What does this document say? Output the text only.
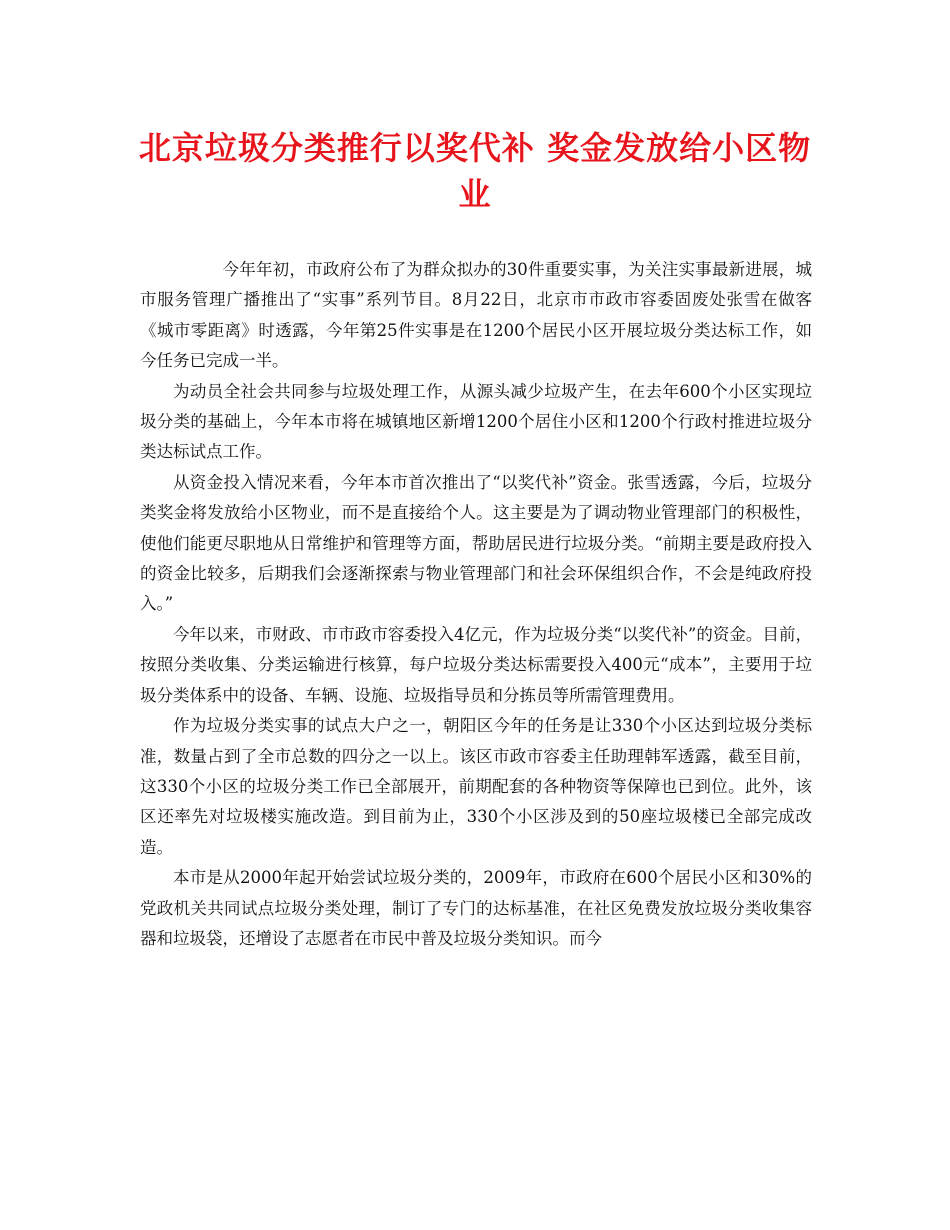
北京垃圾分类推行以奖代补 奖金发放给小区物业

今年年初，市政府公布了为群众拟办的30件重要实事，为关注实事最新进展，城市服务管理广播推出了“实事”系列节目。8月22日，北京市市政市容委固废处张雪在做客《城市零距离》时透露，今年第25件实事是在1200个居民小区开展垃圾分类达标工作，如今任务已完成一半。

为动员全社会共同参与垃圾处理工作，从源头减少垃圾产生，在去年600个小区实现垃圾分类的基础上，今年本市将在城镇地区新增1200个居住小区和1200个行政村推进垃圾分类达标试点工作。

从资金投入情况来看，今年本市首次推出了“以奖代补”资金。张雪透露，今后，垃圾分类奖金将发放给小区物业，而不是直接给个人。这主要是为了调动物业管理部门的积极性，使他们能更尽职地从日常维护和管理等方面，帮助居民进行垃圾分类。“前期主要是政府投入的资金比较多，后期我们会逐渐探索与物业管理部门和社会环保组织合作，不会是纯政府投入。”

今年以来，市财政、市市政市容委投入4亿元，作为垃圾分类“以奖代补”的资金。目前，按照分类收集、分类运输进行核算，每户垃圾分类达标需要投入400元“成本”，主要用于垃圾分类体系中的设备、车辆、设施、垃圾指导员和分拣员等所需管理费用。

作为垃圾分类实事的试点大户之一，朝阳区今年的任务是让330个小区达到垃圾分类标准，数量占到了全市总数的四分之一以上。该区市政市容委主任助理韩军透露，截至目前，这330个小区的垃圾分类工作已全部展开，前期配套的各种物资等保障也已到位。此外，该区还率先对垃圾楼实施改造。到目前为止，330个小区涉及到的50座垃圾楼已全部完成改造。

本市是从2000年起开始尝试垃圾分类的，2009年，市政府在600个居民小区和30%的党政机关共同试点垃圾分类处理，制订了专门的达标基准，在社区免费发放垃圾分类收集容器和垃圾袋，还增设了志愿者在市民中普及垃圾分类知识。而今
